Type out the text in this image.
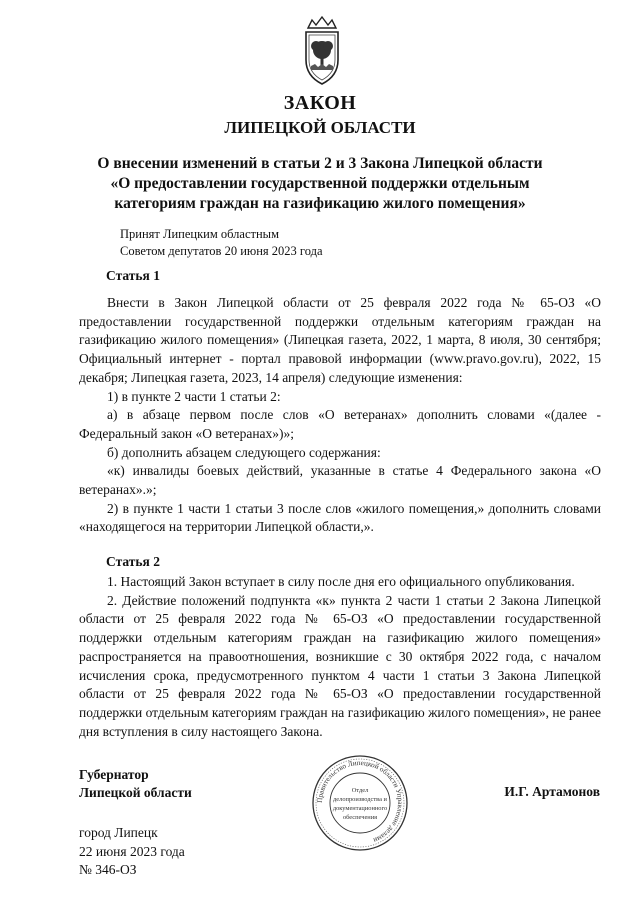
ЗАКОН
ЛИПЕЦКОЙ ОБЛАСТИ
О внесении изменений в статьи 2 и 3 Закона Липецкой области
«О предоставлении государственной поддержки отдельным
категориям граждан на газификацию жилого помещения»
Принят Липецким областным
Советом депутатов 20 июня 2023 года
Статья 1

Внести в Закон Липецкой области от 25 февраля 2022 года № 65-ОЗ «О предоставлении государственной поддержки отдельным категориям граждан на газификацию жилого помещения» (Липецкая газета, 2022, 1 марта, 8 июля, 30 сентября; Официальный интернет - портал правовой информации (www.pravo.gov.ru), 2022, 15 декабря; Липецкая газета, 2023, 14 апреля) следующие изменения:

1) в пункте 2 части 1 статьи 2:

а) в абзаце первом после слов «О ветеранах» дополнить словами «(далее - Федеральный закон «О ветеранах»)»;

б) дополнить абзацем следующего содержания:

«к) инвалиды боевых действий, указанные в статье 4 Федерального закона «О ветеранах».»;

2) в пункте 1 части 1 статьи 3 после слов «жилого помещения,» дополнить словами «находящегося на территории Липецкой области,».

Статья 2

1. Настоящий Закон вступает в силу после дня его официального опубликования.

2. Действие положений подпункта «к» пункта 2 части 1 статьи 2 Закона Липецкой области от 25 февраля 2022 года № 65-ОЗ «О предоставлении государственной поддержки отдельным категориям граждан на газификацию жилого помещения» распространяется на правоотношения, возникшие с 30 октября 2022 года, с началом исчисления срока, предусмотренного пунктом 4 части 1 статьи 3 Закона Липецкой области от 25 февраля 2022 года № 65-ОЗ «О предоставлении государственной поддержки отдельным категориям граждан на газификацию жилого помещения», не ранее дня вступления в силу настоящего Закона.

Губернатор
Липецкой области
Правительство Липецкой области Управление делами
Отдел
делопроизводства и
документационного
обеспечения
И.Г. Артамонов
город Липецк
22 июня 2023 года
№ 346-ОЗ
